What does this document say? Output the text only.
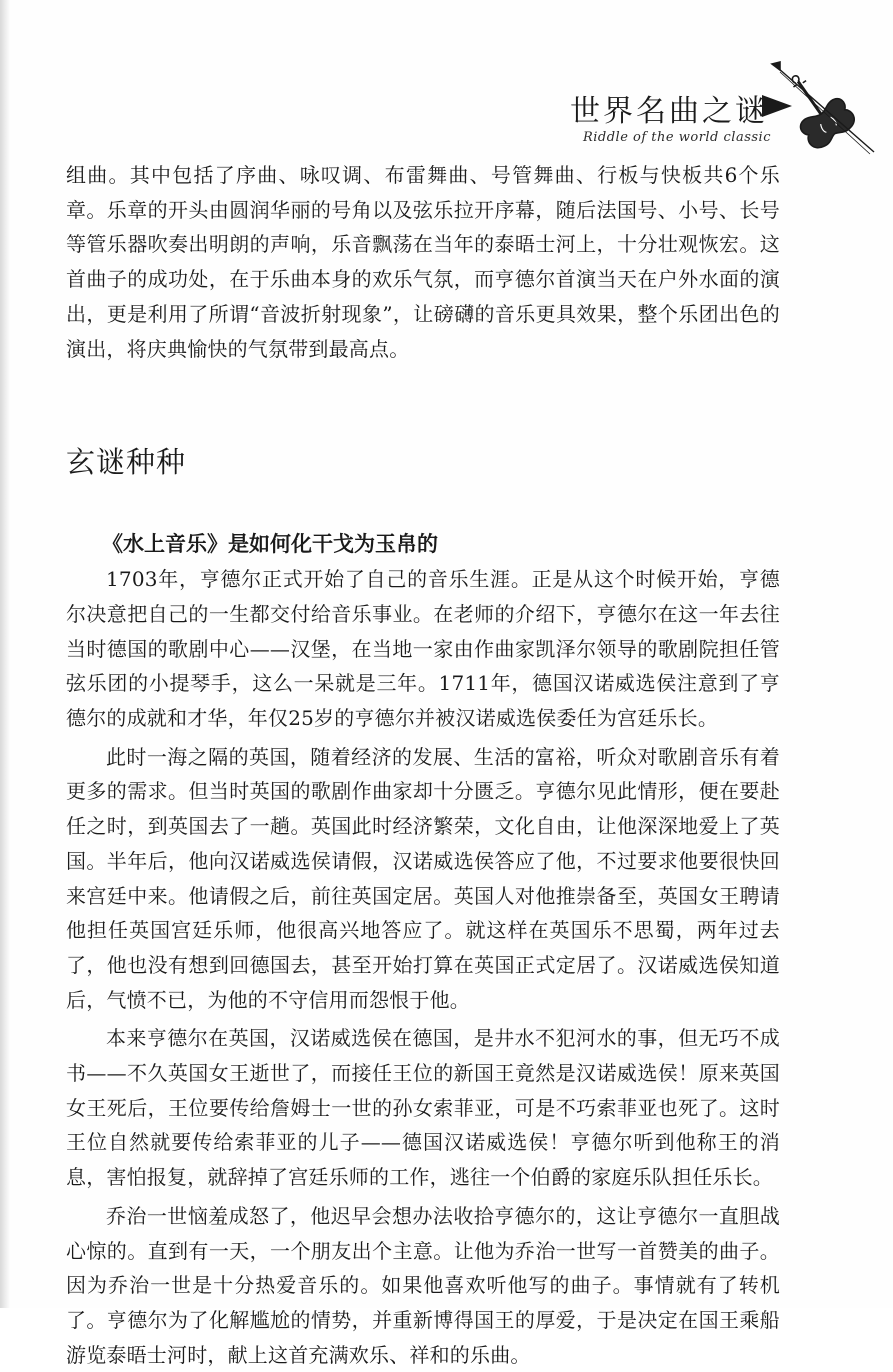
世界名曲之谜
Riddle of the world classic

组曲。其中包括了序曲、咏叹调、布雷舞曲、号管舞曲、行板与快板共6个乐章。乐章的开头由圆润华丽的号角以及弦乐拉开序幕，随后法国号、小号、长号等管乐器吹奏出明朗的声响，乐音飘荡在当年的泰晤士河上，十分壮观恢宏。这首曲子的成功处，在于乐曲本身的欢乐气氛，而亨德尔首演当天在户外水面的演出，更是利用了所谓“音波折射现象”，让磅礴的音乐更具效果，整个乐团出色的演出，将庆典愉快的气氛带到最高点。

玄谜种种
《水上音乐》是如何化干戈为玉帛的

1703年，亨德尔正式开始了自己的音乐生涯。正是从这个时候开始，亨德尔决意把自己的一生都交付给音乐事业。在老师的介绍下，亨德尔在这一年去往当时德国的歌剧中心——汉堡，在当地一家由作曲家凯泽尔领导的歌剧院担任管弦乐团的小提琴手，这么一呆就是三年。1711年，德国汉诺威选侯注意到了亨德尔的成就和才华，年仅25岁的亨德尔并被汉诺威选侯委任为宫廷乐长。

此时一海之隔的英国，随着经济的发展、生活的富裕，听众对歌剧音乐有着更多的需求。但当时英国的歌剧作曲家却十分匮乏。亨德尔见此情形，便在要赴任之时，到英国去了一趟。英国此时经济繁荣，文化自由，让他深深地爱上了英国。半年后，他向汉诺威选侯请假，汉诺威选侯答应了他，不过要求他要很快回来宫廷中来。他请假之后，前往英国定居。英国人对他推崇备至，英国女王聘请他担任英国宫廷乐师，他很高兴地答应了。就这样在英国乐不思蜀，两年过去了，他也没有想到回德国去，甚至开始打算在英国正式定居了。汉诺威选侯知道后，气愤不已，为他的不守信用而怨恨于他。

本来亨德尔在英国，汉诺威选侯在德国，是井水不犯河水的事，但无巧不成书——不久英国女王逝世了，而接任王位的新国王竟然是汉诺威选侯！原来英国女王死后，王位要传给詹姆士一世的孙女索菲亚，可是不巧索菲亚也死了。这时王位自然就要传给索菲亚的儿子——德国汉诺威选侯！亨德尔听到他称王的消息，害怕报复，就辞掉了宫廷乐师的工作，逃往一个伯爵的家庭乐队担任乐长。

乔治一世恼羞成怒了，他迟早会想办法收拾亨德尔的，这让亨德尔一直胆战心惊的。直到有一天，一个朋友出个主意。让他为乔治一世写一首赞美的曲子。因为乔治一世是十分热爱音乐的。如果他喜欢听他写的曲子。事情就有了转机了。亨德尔为了化解尴尬的情势，并重新博得国王的厚爱，于是决定在国王乘船游览泰晤士河时，献上这首充满欢乐、祥和的乐曲。
